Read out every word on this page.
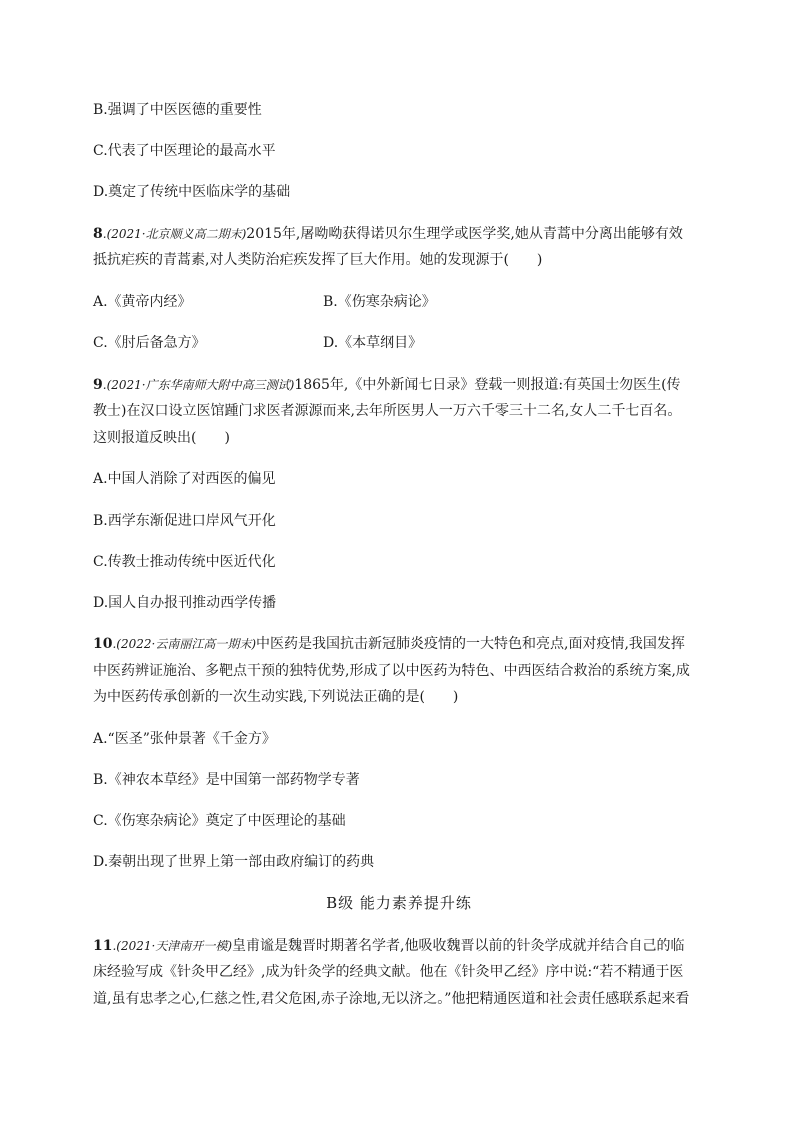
B.强调了中医医德的重要性
C.代表了中医理论的最高水平
D.奠定了传统中医临床学的基础
8.(2021·北京顺义高二期末)2015年,屠呦呦获得诺贝尔生理学或医学奖,她从青蒿中分离出能够有效
抵抗疟疾的青蒿素,对人类防治疟疾发挥了巨大作用。她的发现源于(　　)
A.《黄帝内经》	B.《伤寒杂病论》
C.《肘后备急方》	D.《本草纲目》
9.(2021·广东华南师大附中高三测试)1865年,《中外新闻七日录》登载一则报道:有英国士勿医生(传
教士)在汉口设立医馆踵门求医者源源而来,去年所医男人一万六千零三十二名,女人二千七百名。
这则报道反映出(　　)
A.中国人消除了对西医的偏见
B.西学东渐促进口岸风气开化
C.传教士推动传统中医近代化
D.国人自办报刊推动西学传播
10.(2022·云南丽江高一期末)中医药是我国抗击新冠肺炎疫情的一大特色和亮点,面对疫情,我国发挥
中医药辨证施治、多靶点干预的独特优势,形成了以中医药为特色、中西医结合救治的系统方案,成
为中医药传承创新的一次生动实践,下列说法正确的是(　　)
A.“医圣”张仲景著《千金方》
B.《神农本草经》是中国第一部药物学专著
C.《伤寒杂病论》奠定了中医理论的基础
D.秦朝出现了世界上第一部由政府编订的药典
B级 能力素养提升练
11.(2021·天津南开一模)皇甫谧是魏晋时期著名学者,他吸收魏晋以前的针灸学成就并结合自己的临
床经验写成《针灸甲乙经》,成为针灸学的经典文献。他在《针灸甲乙经》序中说:“若不精通于医
道,虽有忠孝之心,仁慈之性,君父危困,赤子涂地,无以济之。”他把精通医道和社会责任感联系起来看
